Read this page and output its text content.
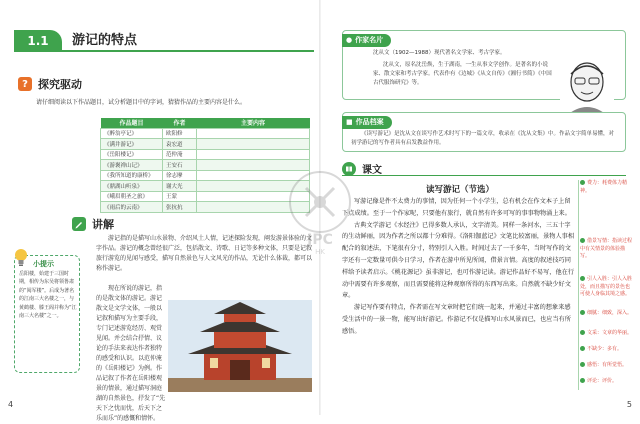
1.1	游记的特点
? 探究驱动
请仔细阅读以下作品题目，试分析题目中的字词，猜猜作品的主要内容是什么。
作品题目	作者	主要内容
《醉翁亭记》	欧阳修	
《满井游记》	袁宏道	
《岳阳楼记》	范仲淹	
《游褒禅山记》	王安石	
《我所知道的康桥》	徐志摩	
《鼎湖山听泉》	谢大光	
《峨眉朝圣之旅》	王蒙	
《雨后的云南》	张抗抗	
讲解
游记指的是描写山水景物、介绍风土人情，记述探险发现，阐发游景体验的文字作品。游记的概念曾经很广泛，包括散文、诗歌、日记等多种文体，只要是记叙旅行游览的见闻与感受，描写自然景色与人文风光的作品，无论什么体裁，都可以称作游记。
现在所说的游记，指的是散文体的游记。游记散文是文学文体，一般以记叙和描写为主要手段，专门记述游览经历、观赏见闻。并会结合抒情、议论的手法来表达作者独特的感受和认识。以范仲淹的《岳阳楼记》为例。作品记叙了作者在岳阳楼观景的情景，通过描写洞庭湖的自然景色，抒发了“先天下之忧而忧，后天下之乐而乐”的感慨和情怀。
小提示
岳阳楼，始建于三国时期，相传为东吴将领鲁肃的“阅军楼”。后成为著名的江南三大名楼之一，与黄鹤楼、滕王阁并称为“江南三大名楼”之一。
4
● 作家名片
沈从文（1902—1988）现代著名文学家、考古学家。
沈从文，原名沈岳焕，生于湖南，一生从事文学创作。是著名的小说家、散文家和考古学家。代表作有《边城》《从文自传》《湘行书简》《中国古代服饰研究》等。
■ 作品档案
《读写游记》是沈从文在谈写作艺术时写下的一篇文章，收录在《沈从文集》中。作品文字简单易懂，对初学游记的写作者具有启发教益作用。
课文
读写游记（节选）

写游记像是件不太费力的事情，因为任何一个小学生，总有机会在作文本子上留下点成绩。至于一个作家呢，只要他有旅行，就自然有许多可写的事事物物涌上来。

古典文学游记《水经注》已得多数人承认，文字清美。同样一条河水，三五十字的生动鲜丽，因为作者之所以都十分难得。《洛阳伽蓝记》文笔比较富丽，景物人事相配合的叙述法，下笔很有分寸，特别引人入胜。时间过去了一千多年，当时写作的文字还有一定数量可供今日学习，作者在游中所见所闻，借景言情。高度的叙述技巧同样给予读者启示。《桃花源记》虽非游记，也可作游记读。游记作品好不易写，他在行动中需要有许多观察，而且需要能将这种观察所得的东西写出来。自然就不缺少好文章。

游记写作要有特点，作者需在写文章时把它们统一起来，并通过丰富的想象来感受生活中的一景一物，能写出好游记。作游记不仅是描写山水风景而已，也应当有所感悟。

费力：耗费体力精神。
借景写情：指读过程中有关情景的体验描写。
引人入胜：引人入胜处，而且描写的景色也可使人身临其境之感。
细腻：细致，深入。
文采：文章的华丽。
不缺少：多有。
感悟：有所觉悟。
评论：评价。
5
JPC
HK
